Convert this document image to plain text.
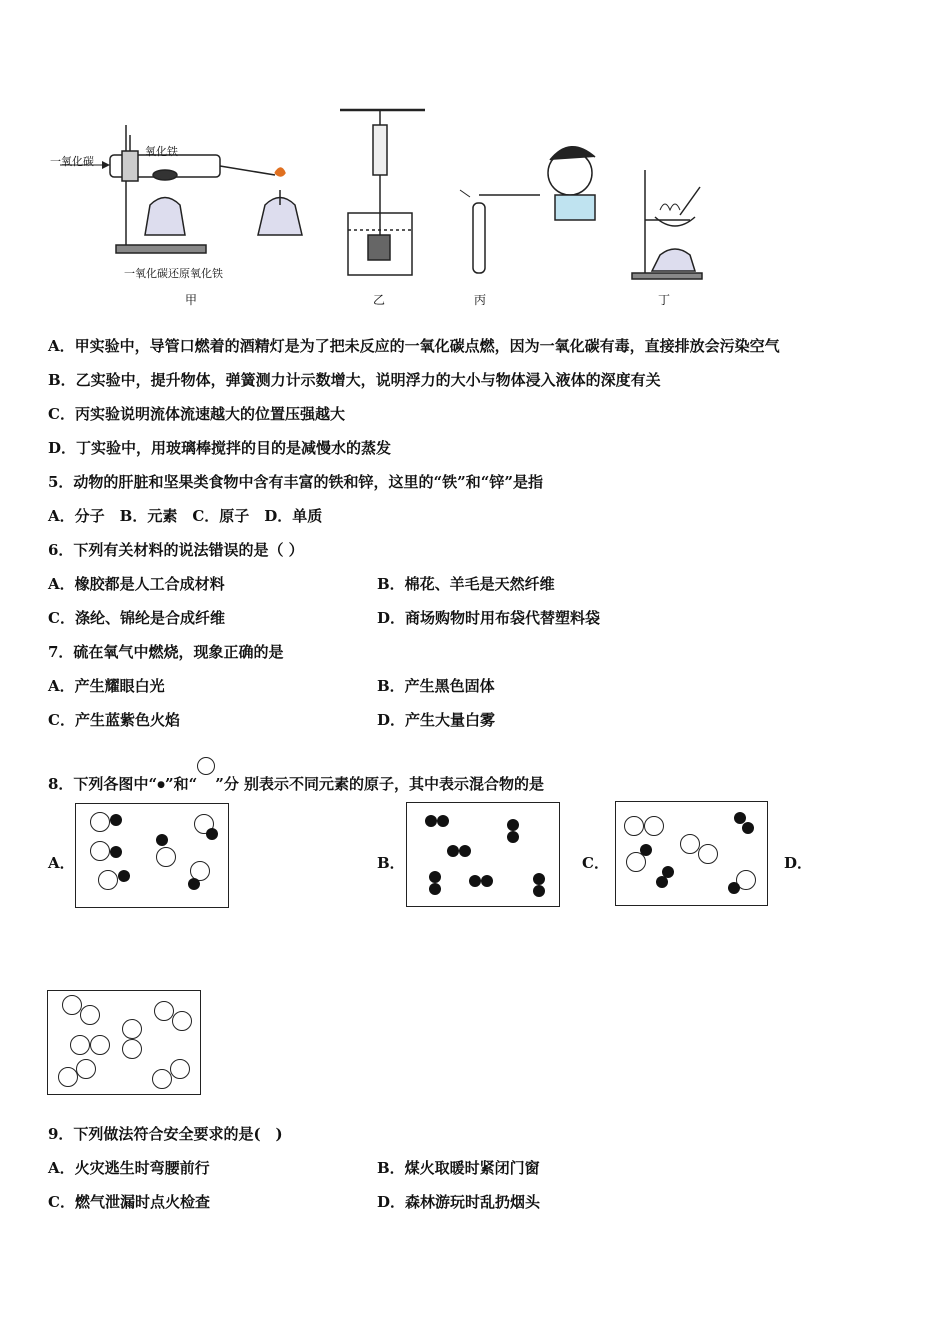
一氧化碳
氧化铁
一氧化碳还原氧化铁
甲	乙	丙	丁
A．甲实验中，导管口燃着的酒精灯是为了把未反应的一氧化碳点燃，因为一氧化碳有毒，直接排放会污染空气
B．乙实验中，提升物体，弹簧测力计示数增大，说明浮力的大小与物体浸入液体的深度有关
C．丙实验说明流体流速越大的位置压强越大
D．丁实验中，用玻璃棒搅拌的目的是减慢水的蒸发
5．动物的肝脏和坚果类食物中含有丰富的铁和锌，这里的“铁”和“锌”是指
A．分子　B．元素　C．原子　D．单质
6．下列有关材料的说法错误的是（ ）
A．橡胶都是人工合成材料	B．棉花、羊毛是天然纤维
C．涤纶、锦纶是合成纤维	D．商场购物时用布袋代替塑料袋
7．硫在氧气中燃烧，现象正确的是
A．产生耀眼白光	B．产生黑色固体
C．产生蓝紫色火焰	D．产生大量白雾
8．下列各图中“●”和“ ”分 别表示不同元素的原子，其中表示混合物的是
A．	B．	C．	D．
9．下列做法符合安全要求的是(　)
A．火灾逃生时弯腰前行	B．煤火取暖时紧闭门窗
C．燃气泄漏时点火检查	D．森林游玩时乱扔烟头
